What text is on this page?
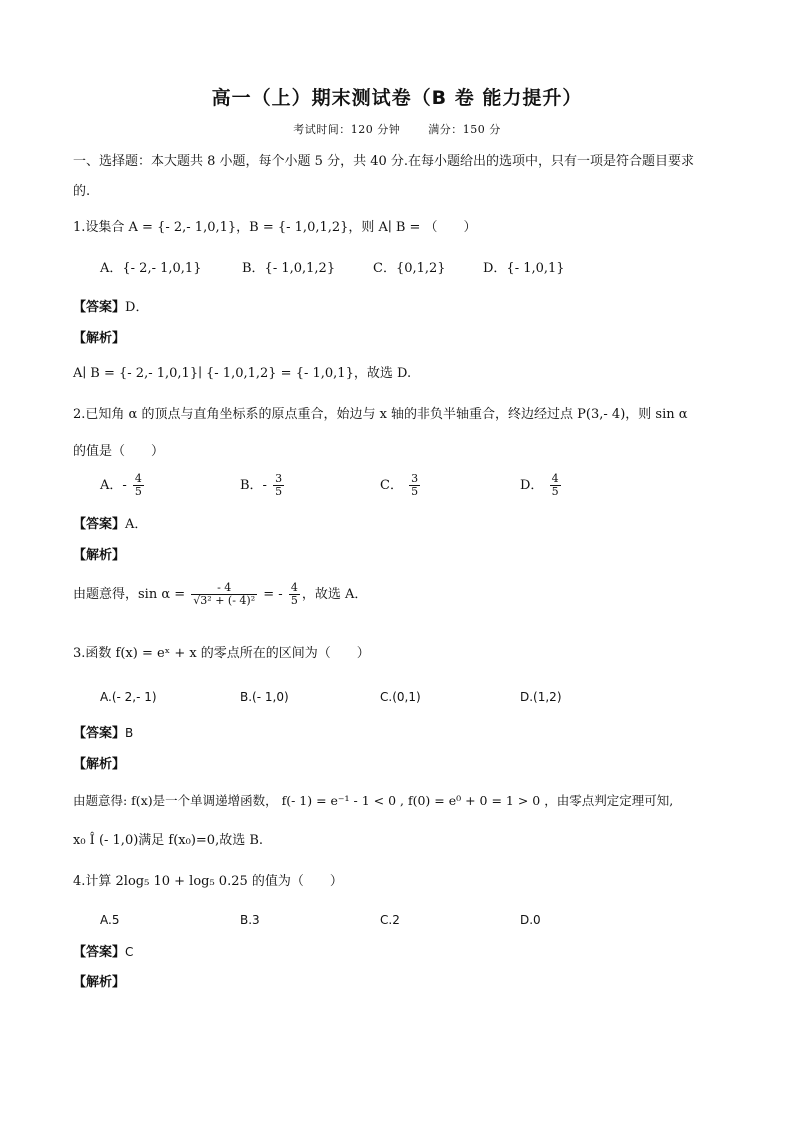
高一（上）期末测试卷（B 卷 能力提升）
考试时间：120 分钟	满分：150 分
一、选择题：本大题共 8 小题，每个小题 5 分，共 40 分.在每小题给出的选项中，只有一项是符合题目要求
的.
1.设集合 A = {- 2,- 1,0,1}，B = {- 1,0,1,2}，则 A∣ B = （　　）
A．{- 2,- 1,0,1}	B．{- 1,0,1,2}	C．{0,1,2}	D．{- 1,0,1}
【答案】D．
【解析】
A∣ B = {- 2,- 1,0,1}∣ {- 1,0,1,2} = {- 1,0,1}，故选 D.
2.已知角 α 的顶点与直角坐标系的原点重合，始边与 x 轴的非负半轴重合，终边经过点 P(3,- 4)，则 sin α
的值是（　　）
A．- $\frac{4}{5}$	B．- $\frac{3}{5}$	C． $\frac{3}{5}$	D． $\frac{4}{5}$
【答案】A．
【解析】
由题意得，$\sin \alpha = \frac{- 4}{\text{√3² + (- 4)²}}$ = - $\frac{4}{5}$ ，故选 A．
3.函数 f(x) = eˣ + x 的零点所在的区间为（　　）
A.(- 2,- 1)	B.(- 1,0)	C.(0,1)	D.(1,2)
【答案】B
【解析】
由题意得: f(x)是一个单调递增函数， f(- 1) = e⁻¹ - 1 < 0 , f(0) = e⁰ + 0 = 1 > 0 ，由零点判定定理可知,
x₀ Î (- 1,0)满足 f(x₀)=0,故选 B.
4.计算 2log₅ 10 + log₅ 0.25 的值为（　　）
A.5	B.3	C.2	D.0
【答案】C
【解析】
